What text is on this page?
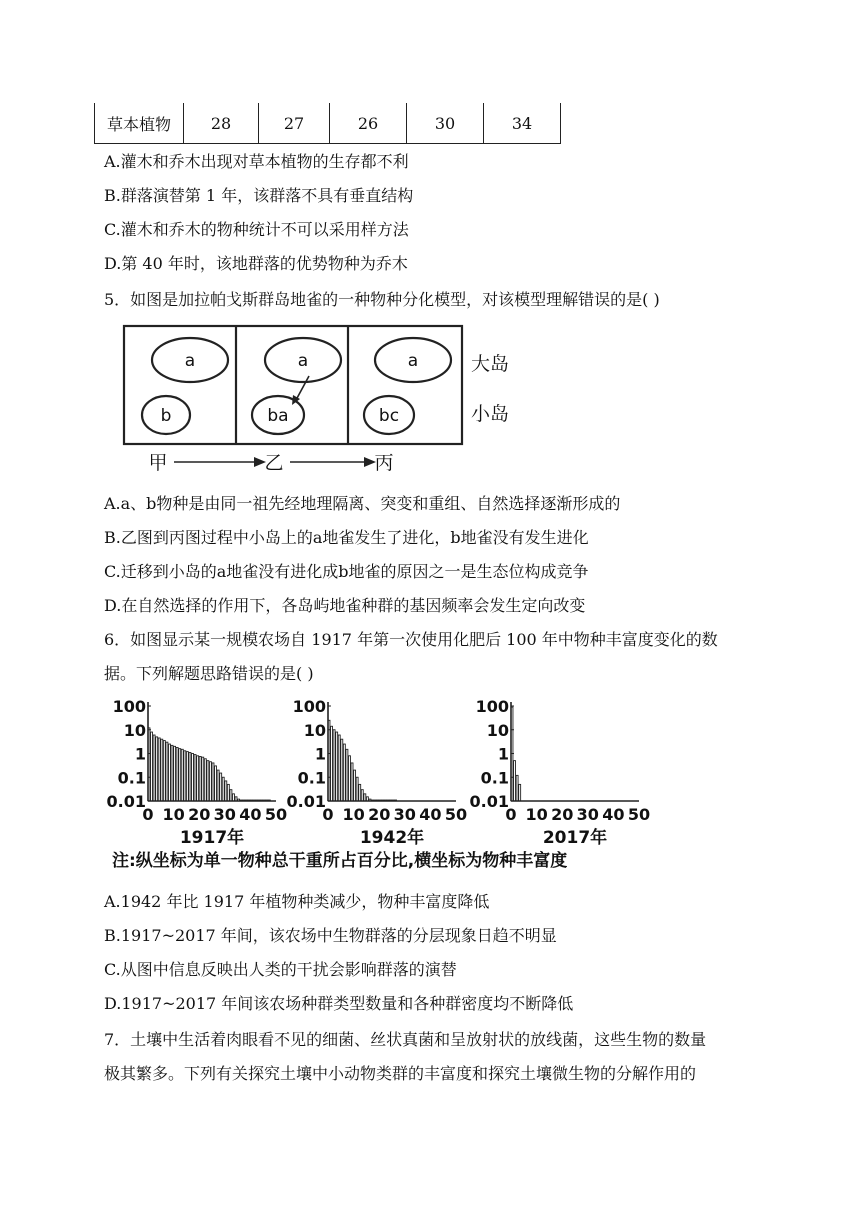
草本植物	28	27	26	30	34
A.灌木和乔木出现对草本植物的生存都不利
B.群落演替第 1 年，该群落不具有垂直结构
C.灌木和乔木的物种统计不可以采用样方法
D.第 40 年时，该地群落的优势物种为乔木
5．如图是加拉帕戈斯群岛地雀的一种物种分化模型，对该模型理解错误的是( )
a
b
a
ba
a
bc
甲	乙	丙
大岛
小岛
A.a、b物种是由同一祖先经地理隔离、突变和重组、自然选择逐渐形成的
B.乙图到丙图过程中小岛上的a地雀发生了进化，b地雀没有发生进化
C.迁移到小岛的a地雀没有进化成b地雀的原因之一是生态位构成竞争
D.在自然选择的作用下，各岛屿地雀种群的基因频率会发生定向改变
6．如图显示某一规模农场自 1917 年第一次使用化肥后 100 年中物种丰富度变化的数
据。下列解题思路错误的是( )
100
10
1
0.1
0.01
0 10 20 30 40 50
1917年
100
10
1
0.1
0.01
0 10 20 30 40 50
1942年
100
10
1
0.1
0.01
0 10 20 30 40 50
2017年
注:纵坐标为单一物种总干重所占百分比,横坐标为物种丰富度
A.1942 年比 1917 年植物种类减少，物种丰富度降低
B.1917~2017 年间，该农场中生物群落的分层现象日趋不明显
C.从图中信息反映出人类的干扰会影响群落的演替
D.1917~2017 年间该农场种群类型数量和各种群密度均不断降低
7．土壤中生活着肉眼看不见的细菌、丝状真菌和呈放射状的放线菌，这些生物的数量
极其繁多。下列有关探究土壤中小动物类群的丰富度和探究土壤微生物的分解作用的
